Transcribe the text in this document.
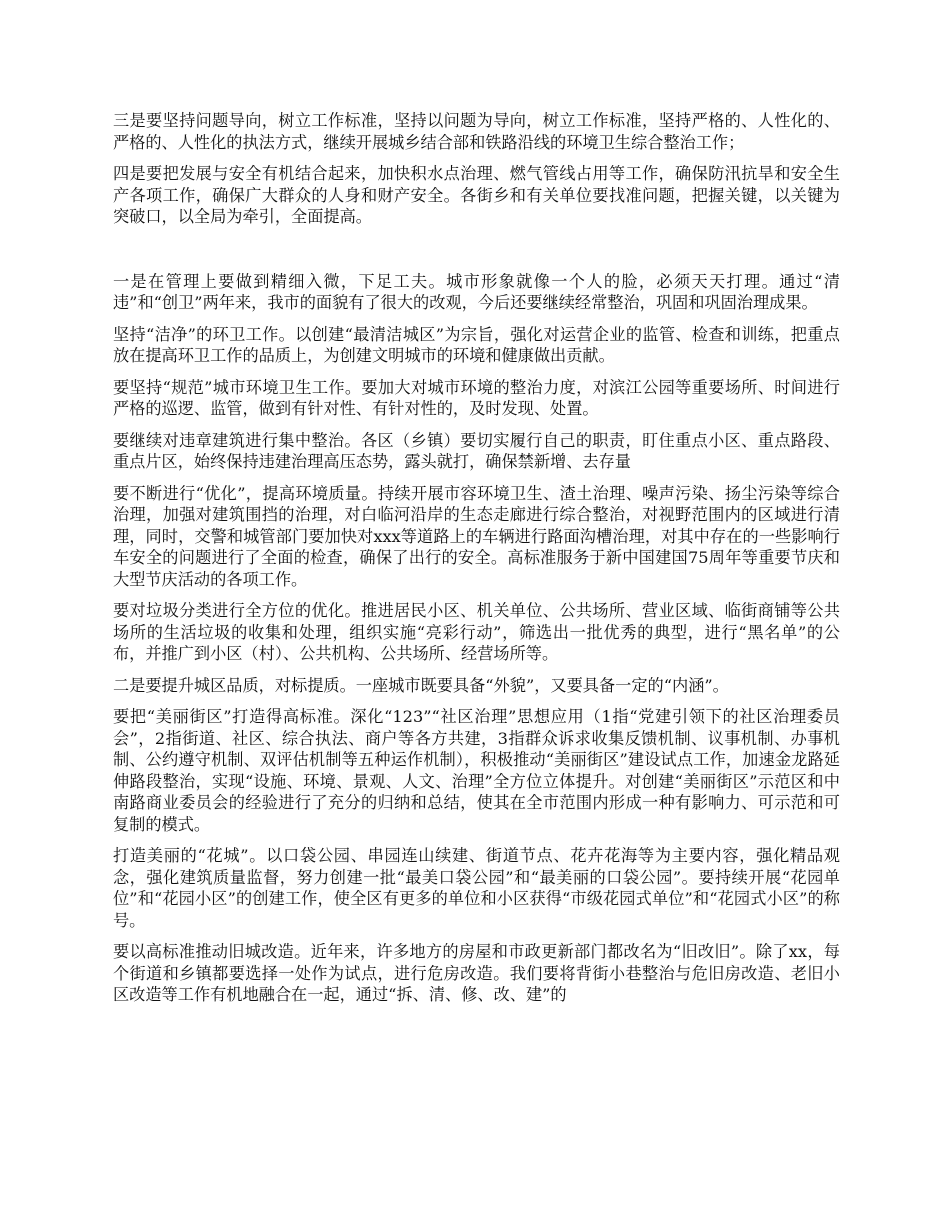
三是要坚持问题导向，树立工作标准，坚持以问题为导向，树立工作标准，坚持严格的、人性化的、严格的、人性化的执法方式，继续开展城乡结合部和铁路沿线的环境卫生综合整治工作；

四是要把发展与安全有机结合起来，加快积水点治理、燃气管线占用等工作，确保防汛抗旱和安全生产各项工作，确保广大群众的人身和财产安全。各街乡和有关单位要找准问题，把握关键，以关键为突破口，以全局为牵引，全面提高。

一是在管理上要做到精细入微，下足工夫。城市形象就像一个人的脸，必须天天打理。通过“清违”和“创卫”两年来，我市的面貌有了很大的改观，今后还要继续经常整治，巩固和巩固治理成果。

坚持“洁净”的环卫工作。以创建“最清洁城区”为宗旨，强化对运营企业的监管、检查和训练，把重点放在提高环卫工作的品质上，为创建文明城市的环境和健康做出贡献。

要坚持“规范”城市环境卫生工作。要加大对城市环境的整治力度，对滨江公园等重要场所、时间进行严格的巡逻、监管，做到有针对性、有针对性的，及时发现、处置。

要继续对违章建筑进行集中整治。各区（乡镇）要切实履行自己的职责，盯住重点小区、重点路段、重点片区，始终保持违建治理高压态势，露头就打，确保禁新增、去存量

要不断进行“优化”，提高环境质量。持续开展市容环境卫生、渣土治理、噪声污染、扬尘污染等综合治理，加强对建筑围挡的治理，对白临河沿岸的生态走廊进行综合整治，对视野范围内的区域进行清理，同时，交警和城管部门要加快对xxx等道路上的车辆进行路面沟槽治理，对其中存在的一些影响行车安全的问题进行了全面的检查，确保了出行的安全。高标准服务于新中国建国75周年等重要节庆和大型节庆活动的各项工作。

要对垃圾分类进行全方位的优化。推进居民小区、机关单位、公共场所、营业区域、临街商铺等公共场所的生活垃圾的收集和处理，组织实施“亮彩行动”，筛选出一批优秀的典型，进行“黑名单”的公布，并推广到小区（村）、公共机构、公共场所、经营场所等。

二是要提升城区品质，对标提质。一座城市既要具备“外貌”，又要具备一定的“内涵”。

要把“美丽街区”打造得高标准。深化“123”“社区治理”思想应用（1指“党建引领下的社区治理委员会”，2指街道、社区、综合执法、商户等各方共建，3指群众诉求收集反馈机制、议事机制、办事机制、公约遵守机制、双评估机制等五种运作机制），积极推动“美丽街区”建设试点工作，加速金龙路延伸路段整治，实现“设施、环境、景观、人文、治理”全方位立体提升。对创建“美丽街区”示范区和中南路商业委员会的经验进行了充分的归纳和总结，使其在全市范围内形成一种有影响力、可示范和可复制的模式。

打造美丽的“花城”。以口袋公园、串园连山续建、街道节点、花卉花海等为主要内容，强化精品观念，强化建筑质量监督，努力创建一批“最美口袋公园”和“最美丽的口袋公园”。要持续开展“花园单位”和“花园小区”的创建工作，使全区有更多的单位和小区获得“市级花园式单位”和“花园式小区”的称号。

要以高标准推动旧城改造。近年来，许多地方的房屋和市政更新部门都改名为“旧改旧”。除了xx，每个街道和乡镇都要选择一处作为试点，进行危房改造。我们要将背街小巷整治与危旧房改造、老旧小区改造等工作有机地融合在一起，通过“拆、清、修、改、建”的
